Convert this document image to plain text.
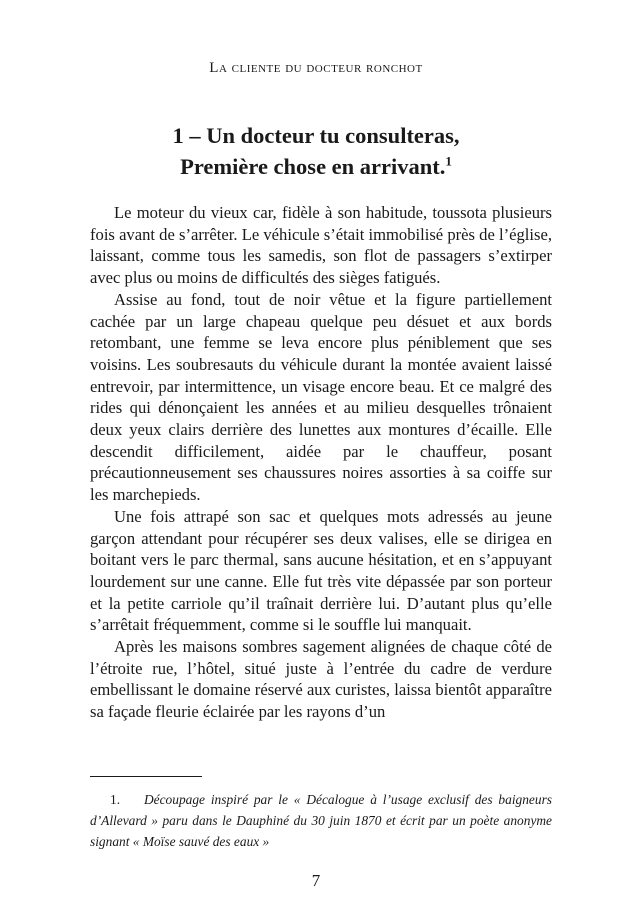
La cliente du docteur ronchot
1 – Un docteur tu consulteras,
Première chose en arrivant.$^1$

Le moteur du vieux car, fidèle à son habitude, toussota plusieurs fois avant de s’arrêter. Le véhicule s’était immobilisé près de l’église, laissant, comme tous les samedis, son flot de passagers s’extirper avec plus ou moins de difficultés des sièges fatigués.

Assise au fond, tout de noir vêtue et la figure partiellement cachée par un large chapeau quelque peu désuet et aux bords retombant, une femme se leva encore plus péniblement que ses voisins. Les soubresauts du véhicule durant la montée avaient laissé entrevoir, par intermittence, un visage encore beau. Et ce malgré des rides qui dénonçaient les années et au milieu desquelles trônaient deux yeux clairs derrière des lunettes aux montures d’écaille. Elle descendit difficilement, aidée par le chauffeur, posant précautionneusement ses chaussures noires assorties à sa coiffe sur les marchepieds.

Une fois attrapé son sac et quelques mots adressés au jeune garçon attendant pour récupérer ses deux valises, elle se dirigea en boitant vers le parc thermal, sans aucune hésitation, et en s’appuyant lourdement sur une canne. Elle fut très vite dépassée par son porteur et la petite carriole qu’il traînait derrière lui. D’autant plus qu’elle s’arrêtait fréquemment, comme si le souffle lui manquait.

Après les maisons sombres sagement alignées de chaque côté de l’étroite rue, l’hôtel, situé juste à l’entrée du cadre de verdure embellissant le domaine réservé aux curistes, laissa bientôt apparaître sa façade fleurie éclairée par les rayons d’un

1. Découpage inspiré par le « Décalogue à l’usage exclusif des baigneurs d’Allevard » paru dans le Dauphiné du 30 juin 1870 et écrit par un poète anonyme signant « Moïse sauvé des eaux »
7
